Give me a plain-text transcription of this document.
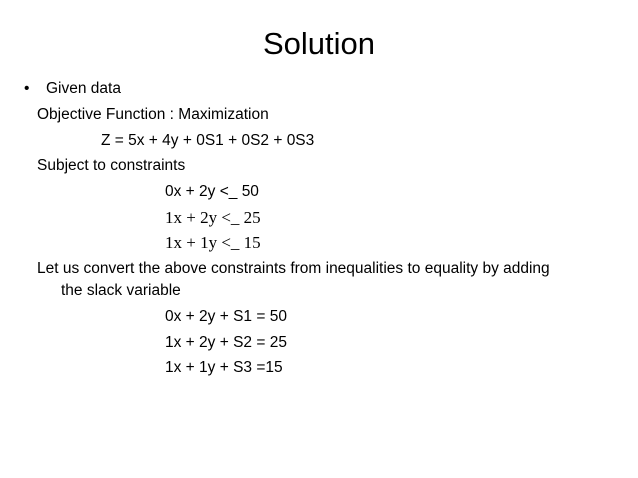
Solution
• Given data
Objective Function : Maximization
Z = 5x + 4y + 0S1 + 0S2 + 0S3
Subject to constraints
0x + 2y <_ 50
1x + 2y <_ 25
1x + 1y <_ 15
Let us convert the above constraints from inequalities to equality by adding
the slack variable
0x + 2y + S1 = 50
1x + 2y + S2 = 25
1x + 1y + S3 =15
